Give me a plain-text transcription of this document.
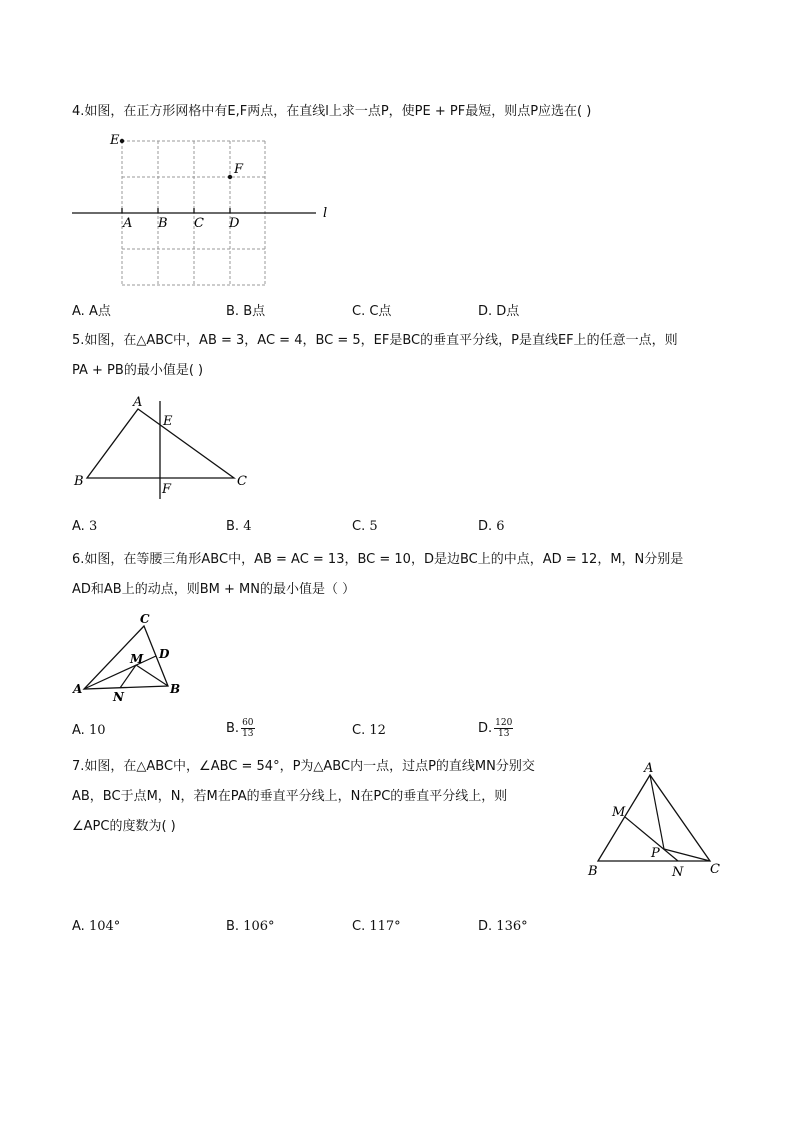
4.如图，在正方形网格中有E,F两点，在直线l上求一点P，使PE + PF最短，则点P应选在( )

E
F
l
A B C D
A. A点	B. B点	C. C点	D. D点

5.如图，在△ABC中，AB = 3，AC = 4，BC = 5，EF是BC的垂直平分线，P是直线EF上的任意一点，则

PA + PB的最小值是( )

A
E
B	C
F
A. 3	B. 4	C. 5	D. 6

6.如图，在等腰三角形ABC中，AB = AC = 13，BC = 10，D是边BC上的中点，AD = 12，M，N分别是

AD和AB上的动点，则BM + MN的最小值是（ ）

C
D
M
A	B
N
A. 10	B. $\frac{60}{13}$	C. 12	D. $\frac{120}{13}$

7.如图，在△ABC中，∠ABC = 54°，P为△ABC内一点，过点P的直线MN分别交

AB，BC于点M，N，若M在PA的垂直平分线上，N在PC的垂直平分线上，则

∠APC的度数为( )

A
M
P
B	N C
A. 104°	B. 106°	C. 117°	D. 136°
